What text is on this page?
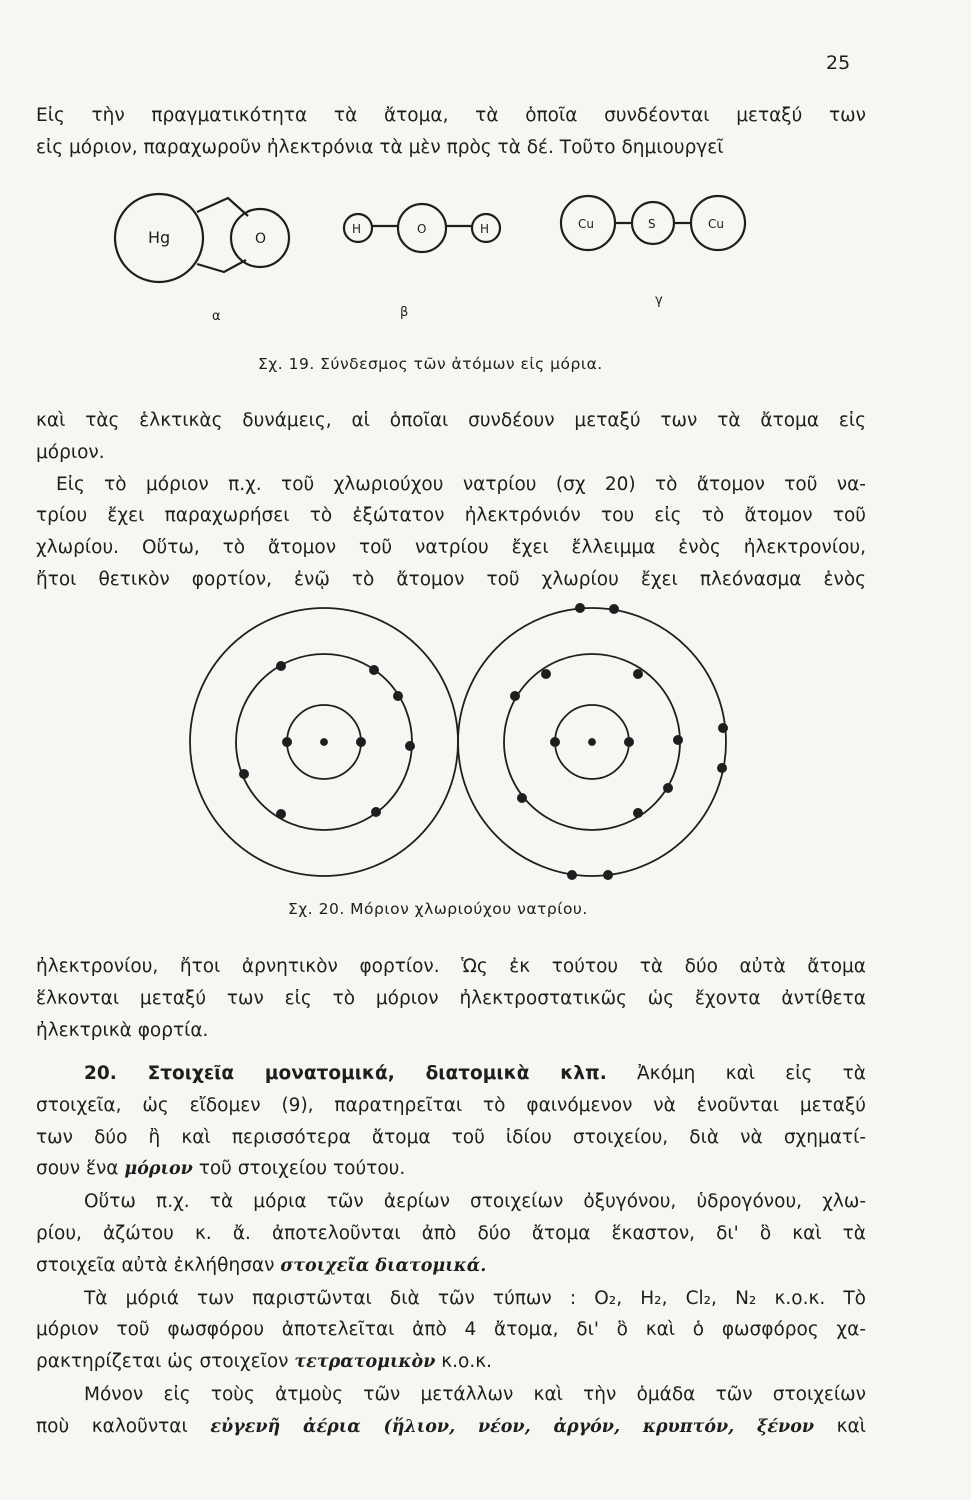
25
Εἰς τὴν πραγματικότητα τὰ ἄτομα, τὰ ὁποῖα συνδέονται μεταξύ των
εἰς μόριον, παραχωροῦν ἠλεκτρόνια τὰ μὲν πρὸς τὰ δέ. Τοῦτο δημιουργεῖ
Hg	O
H	O	H	Cu	S	Cu
α	β
γ
Σχ. 19. Σύνδεσμος τῶν ἀτόμων εἰς μόρια.
καὶ τὰς ἑλκτικὰς δυνάμεις, αἱ ὁποῖαι συνδέουν μεταξύ των τὰ ἄτομα εἰς
μόριον.
Εἰς τὸ μόριον π.χ. τοῦ χλωριούχου νατρίου (σχ 20) τὸ ἄτομον τοῦ να-
τρίου ἔχει παραχωρήσει τὸ ἐξώτατον ἠλεκτρόνιόν του εἰς τὸ ἄτομον τοῦ
χλωρίου. Οὕτω, τὸ ἄτομον τοῦ νατρίου ἔχει ἔλλειμμα ἑνὸς ἠλεκτρονίου,
ἤτοι θετικὸν φορτίον, ἐνῷ τὸ ἄτομον τοῦ χλωρίου ἔχει πλεόνασμα ἑνὸς
Σχ. 20. Μόριον χλωριούχου νατρίου.
ἠλεκτρονίου, ἤτοι ἀρνητικὸν φορτίον. Ὡς ἐκ τούτου τὰ δύο αὐτὰ ἄτομα
ἕλκονται μεταξύ των εἰς τὸ μόριον ἠλεκτροστατικῶς ὡς ἔχοντα ἀντίθετα
ἠλεκτρικὰ φορτία.
20. Στοιχεῖα μονατομικά, διατομικὰ κλπ. Ἀκόμη καὶ εἰς τὰ
στοιχεῖα, ὡς εἴδομεν (9), παρατηρεῖται τὸ φαινόμενον νὰ ἑνοῦνται μεταξύ
των δύο ἢ καὶ περισσότερα ἄτομα τοῦ ἰδίου στοιχείου, διὰ νὰ σχηματί-
σουν ἕνα μόριον τοῦ στοιχείου τούτου.
Οὕτω π.χ. τὰ μόρια τῶν ἀερίων στοιχείων ὀξυγόνου, ὑδρογόνου, χλω-
ρίου, ἀζώτου κ. ἄ. ἀποτελοῦνται ἀπὸ δύο ἄτομα ἕκαστον, δι' ὃ καὶ τὰ
στοιχεῖα αὐτὰ ἐκλήθησαν στοιχεῖα διατομικά.
Τὰ μόριά των παριστῶνται διὰ τῶν τύπων : O₂, H₂, Cl₂, N₂ κ.ο.κ. Τὸ
μόριον τοῦ φωσφόρου ἀποτελεῖται ἀπὸ 4 ἄτομα, δι' ὃ καὶ ὁ φωσφόρος χα-
ρακτηρίζεται ὡς στοιχεῖον τετρατομικὸν κ.ο.κ.
Μόνον εἰς τοὺς ἀτμοὺς τῶν μετάλλων καὶ τὴν ὁμάδα τῶν στοιχείων
ποὺ καλοῦνται εὐγενῆ ἀέρια (ἥλιον, νέον, ἀργόν, κρυπτόν, ξένον καὶ
